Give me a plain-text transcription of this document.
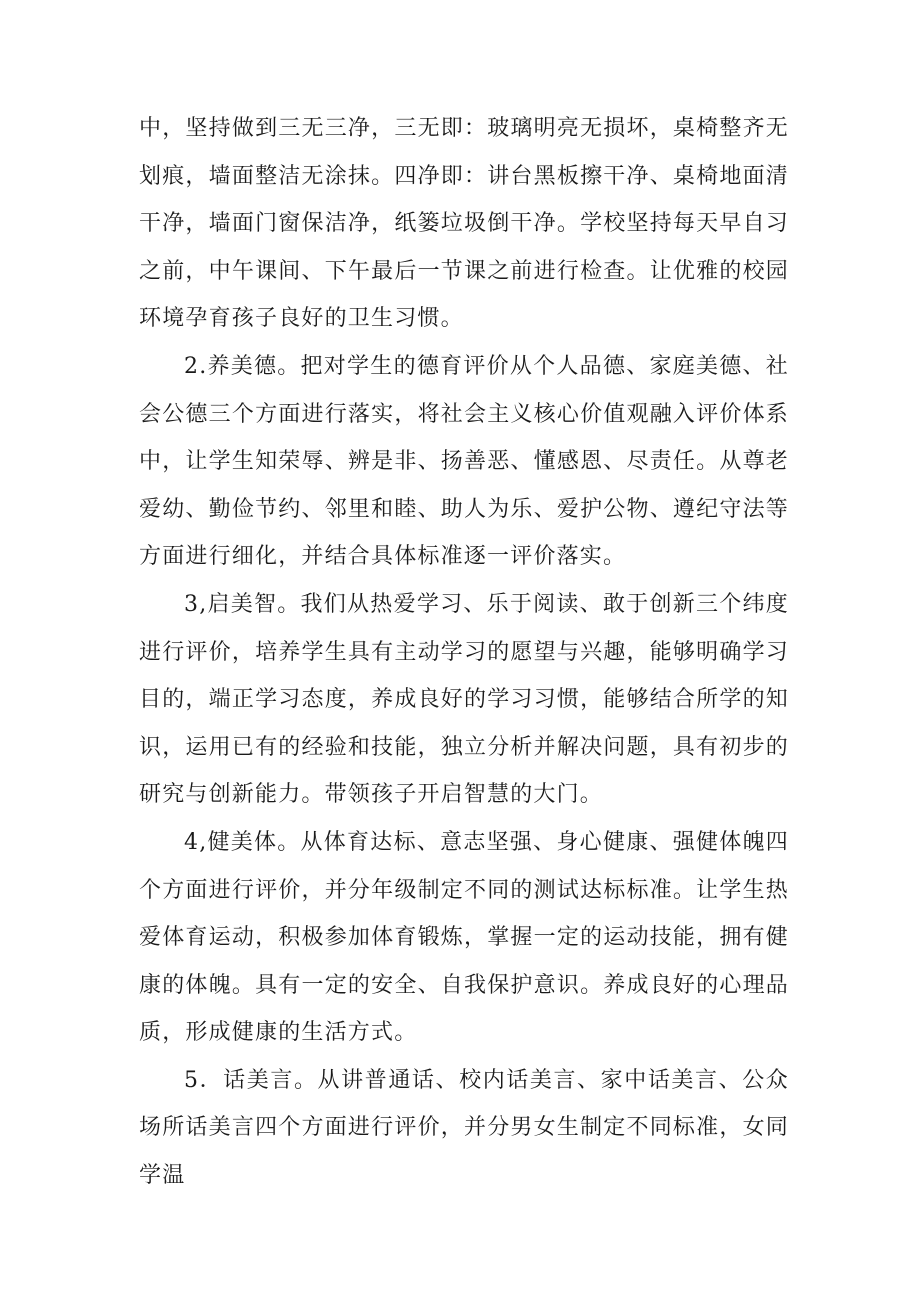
中，坚持做到三无三净，三无即：玻璃明亮无损坏，桌椅整齐无划痕，墙面整洁无涂抹。四净即：讲台黑板擦干净、桌椅地面清干净，墙面门窗保洁净，纸篓垃圾倒干净。学校坚持每天早自习之前，中午课间、下午最后一节课之前进行检查。让优雅的校园环境孕育孩子良好的卫生习惯。

2.养美德。把对学生的德育评价从个人品德、家庭美德、社会公德三个方面进行落实，将社会主义核心价值观融入评价体系中，让学生知荣辱、辨是非、扬善恶、懂感恩、尽责任。从尊老爱幼、勤俭节约、邻里和睦、助人为乐、爱护公物、遵纪守法等方面进行细化，并结合具体标准逐一评价落实。

3,启美智。我们从热爱学习、乐于阅读、敢于创新三个纬度进行评价，培养学生具有主动学习的愿望与兴趣，能够明确学习目的，端正学习态度，养成良好的学习习惯，能够结合所学的知识，运用已有的经验和技能，独立分析并解决问题，具有初步的研究与创新能力。带领孩子开启智慧的大门。

4,健美体。从体育达标、意志坚强、身心健康、强健体魄四个方面进行评价，并分年级制定不同的测试达标标准。让学生热爱体育运动，积极参加体育锻炼，掌握一定的运动技能，拥有健康的体魄。具有一定的安全、自我保护意识。养成良好的心理品质，形成健康的生活方式。

5．话美言。从讲普通话、校内话美言、家中话美言、公众场所话美言四个方面进行评价，并分男女生制定不同标准，女同学温
